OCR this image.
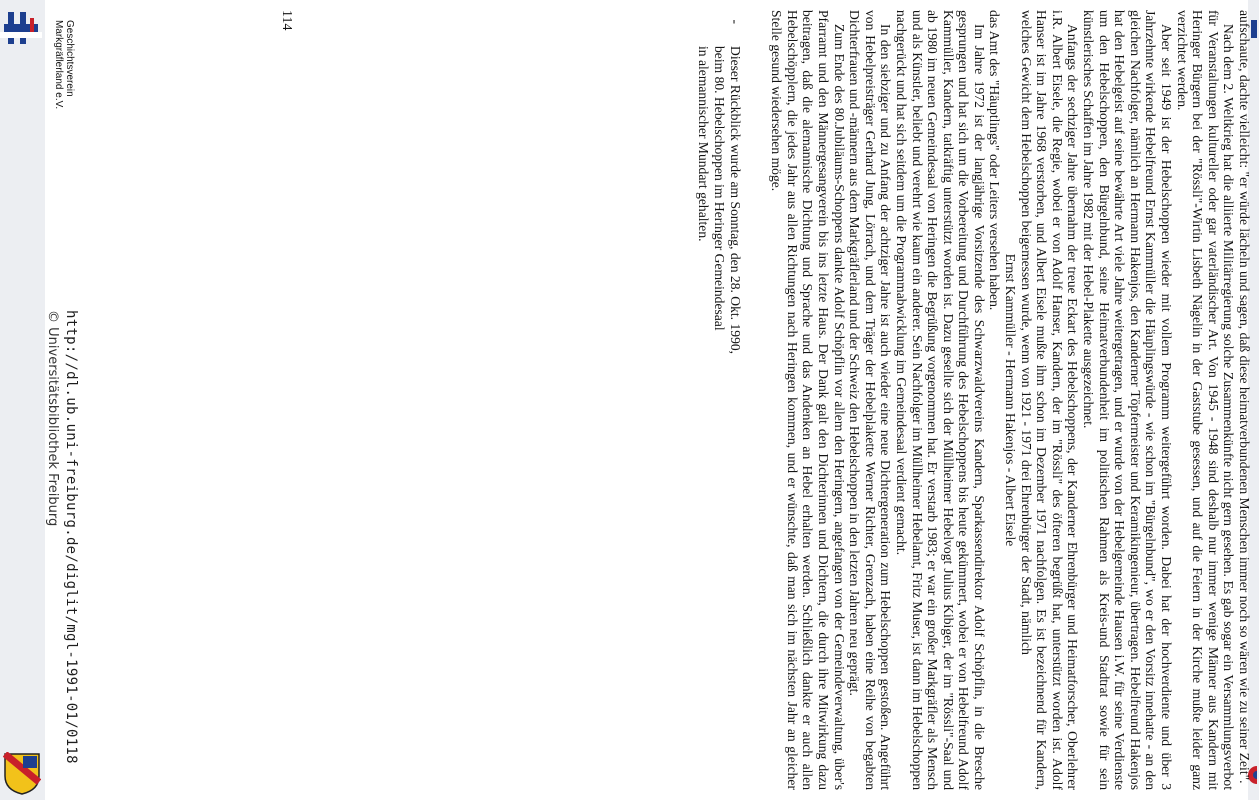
aufschaute, dachte vielleicht: "er würde lächeln und sagen, daß diese heimatverbundenen Menschen immer noch so wären wie zu seiner Zeit".

Nach dem 2. Weltkrieg hat die alliierte Militärregierung solche Zusammenkünfte nicht gern gesehen. Es gab sogar ein Versammlungsverbot für Veranstaltungen kultureller oder gar vaterländischer Art. Von 1945 - 1948 sind deshalb nur immer wenige Männer aus Kandern mit Heringer Bürgern bei der "Rössli"-Wirtin Lisbeth Nägelin in der Gaststube gesessen, und auf die Feiern in der Kirche mußte leider ganz verzichtet werden.

Aber seit 1949 ist der Hebelschoppen wieder mit vollem Programm weitergeführt worden. Dabei hat der hochverdiente und über 3 Jahrzehnte wirkende Hebelfreund Ernst Kammüller die Häuplingswürde - wie schon im "Bürgelnbund", wo er den Vorsitz innehatte - an den gleichen Nachfolger, nämlich an Hermann Hakenjos, den Kanderner Töpfermeister und Keramikingenieur, übertragen. Hebelfreund Hakenjos hat den Hebelgeist auf seine bewährte Art viele Jahre weitergetragen, und er wurde von der Hebelgemeinde Hausen i.W. für seine Verdienste um den Hebelschoppen, den Bürgelnbund, seine Heimatverbundenheit im politischen Rahmen als Kreis-und Stadtrat sowie für sein künstlerisches Schaffen im Jahre 1982 mit der Hebel-Plakette ausgezeichnet.

Anfangs der sechziger Jahre übernahm der treue Eckart des Hebelschoppens, der Kanderner Ehrenbürger und Heimatforscher, Oberlehrer i.R. Albert Eisele, die Regie, wobei er von Adolf Hanser, Kandern, der im "Rössli" des öfteren begrüßt hat, unterstützt worden ist. Adolf Hanser ist im Jahre 1968 verstorben, und Albert Eisele mußte ihm schon im Dezember 1971 nachfolgen. Es ist bezeichnend für Kandern, welches Gewicht dem Hebelschoppen beigemessen wurde, wenn von 1921 - 1971 drei Ehrenbürger der Stadt, nämlich

Ernst Kammüller - Hermann Hakenjos - Albert Eisele

das Amt des "Häuptlings" oder Leiters versehen haben.

Im Jahre 1972 ist der langjährige Vorsitzende des Schwarzwaldvereins Kandern, Sparkassendirektor Adolf Schöpflin, in die Bresche gesprungen und hat sich um die Vorbereitung und Durchführung des Hebelschoppens bis heute gekümmert, wobei er von Hebelfreund Adolf Kammüller, Kandern, tatkräftig unterstützt worden ist. Dazu gesellte sich der Müllheimer Hebelvogt Julius Kibiger, der im "Rössli"-Saal und ab 1980 im neuen Gemeindesaal von Heringen die Begrüßung vorgenommen hat. Er verstarb 1983; er war ein großer Markgräfler als Mensch und als Künstler, beliebt und verehrt wie kaum ein anderer. Sein Nachfolger im Müllheimer Hebelamt, Fritz Muser, ist dann im Hebelschoppen nachgerückt und hat sich seitdem um die Programmabwicklung im Gemeindesaal verdient gemacht.

In den siebziger und zu Anfang der achtziger Jahre ist auch wieder eine neue Dichtergeneration zum Hebelschoppen gestoßen. Angeführt von Hebelpreisträger Gerhard Jung, Lörrach, und dem Träger der Hebelplakette Werner Richter, Grenzach, haben eine Reihe von begabten Dichterfrauen und -männern aus dem Markgräflerland und der Schweiz den Hebelschoppen in den letzten Jahren neu geprägt.

Zum Ende des 80.Jubiläums-Schoppens dankte Adolf Schöpflin vor allem den Heringern, angefangen von der Gemeindeverwaltung, über's Pfarramt und den Männergesangverein bis ins letzte Haus. Der Dank galt den Dichterinnen und Dichtern, die durch ihre Mitwirkung dazu beitragen, daß die alemannische Dichtung und Sprache und das Andenken an Hebel erhalten werden. Schließlich dankte er auch allen Hebelschöpplern, die jedes Jahr aus allen Richtungen nach Heringen kommen, und er wünschte, daß man sich im nächsten Jahr an gleicher Stelle gesund wiedersehen möge.

-
Dieser Rückblick wurde am Sonntag, den 28. Okt. 1990,
beim 80. Hebelschoppen im Heringer Gemeindesaal
in alemannischer Mundart gehalten.
114
http://dl.ub.uni-freiburg.de/diglit/mgl-1991-01/0118
© Universitätsbibliothek Freiburg
Geschichtsverein
Markgräflerland e.V.
